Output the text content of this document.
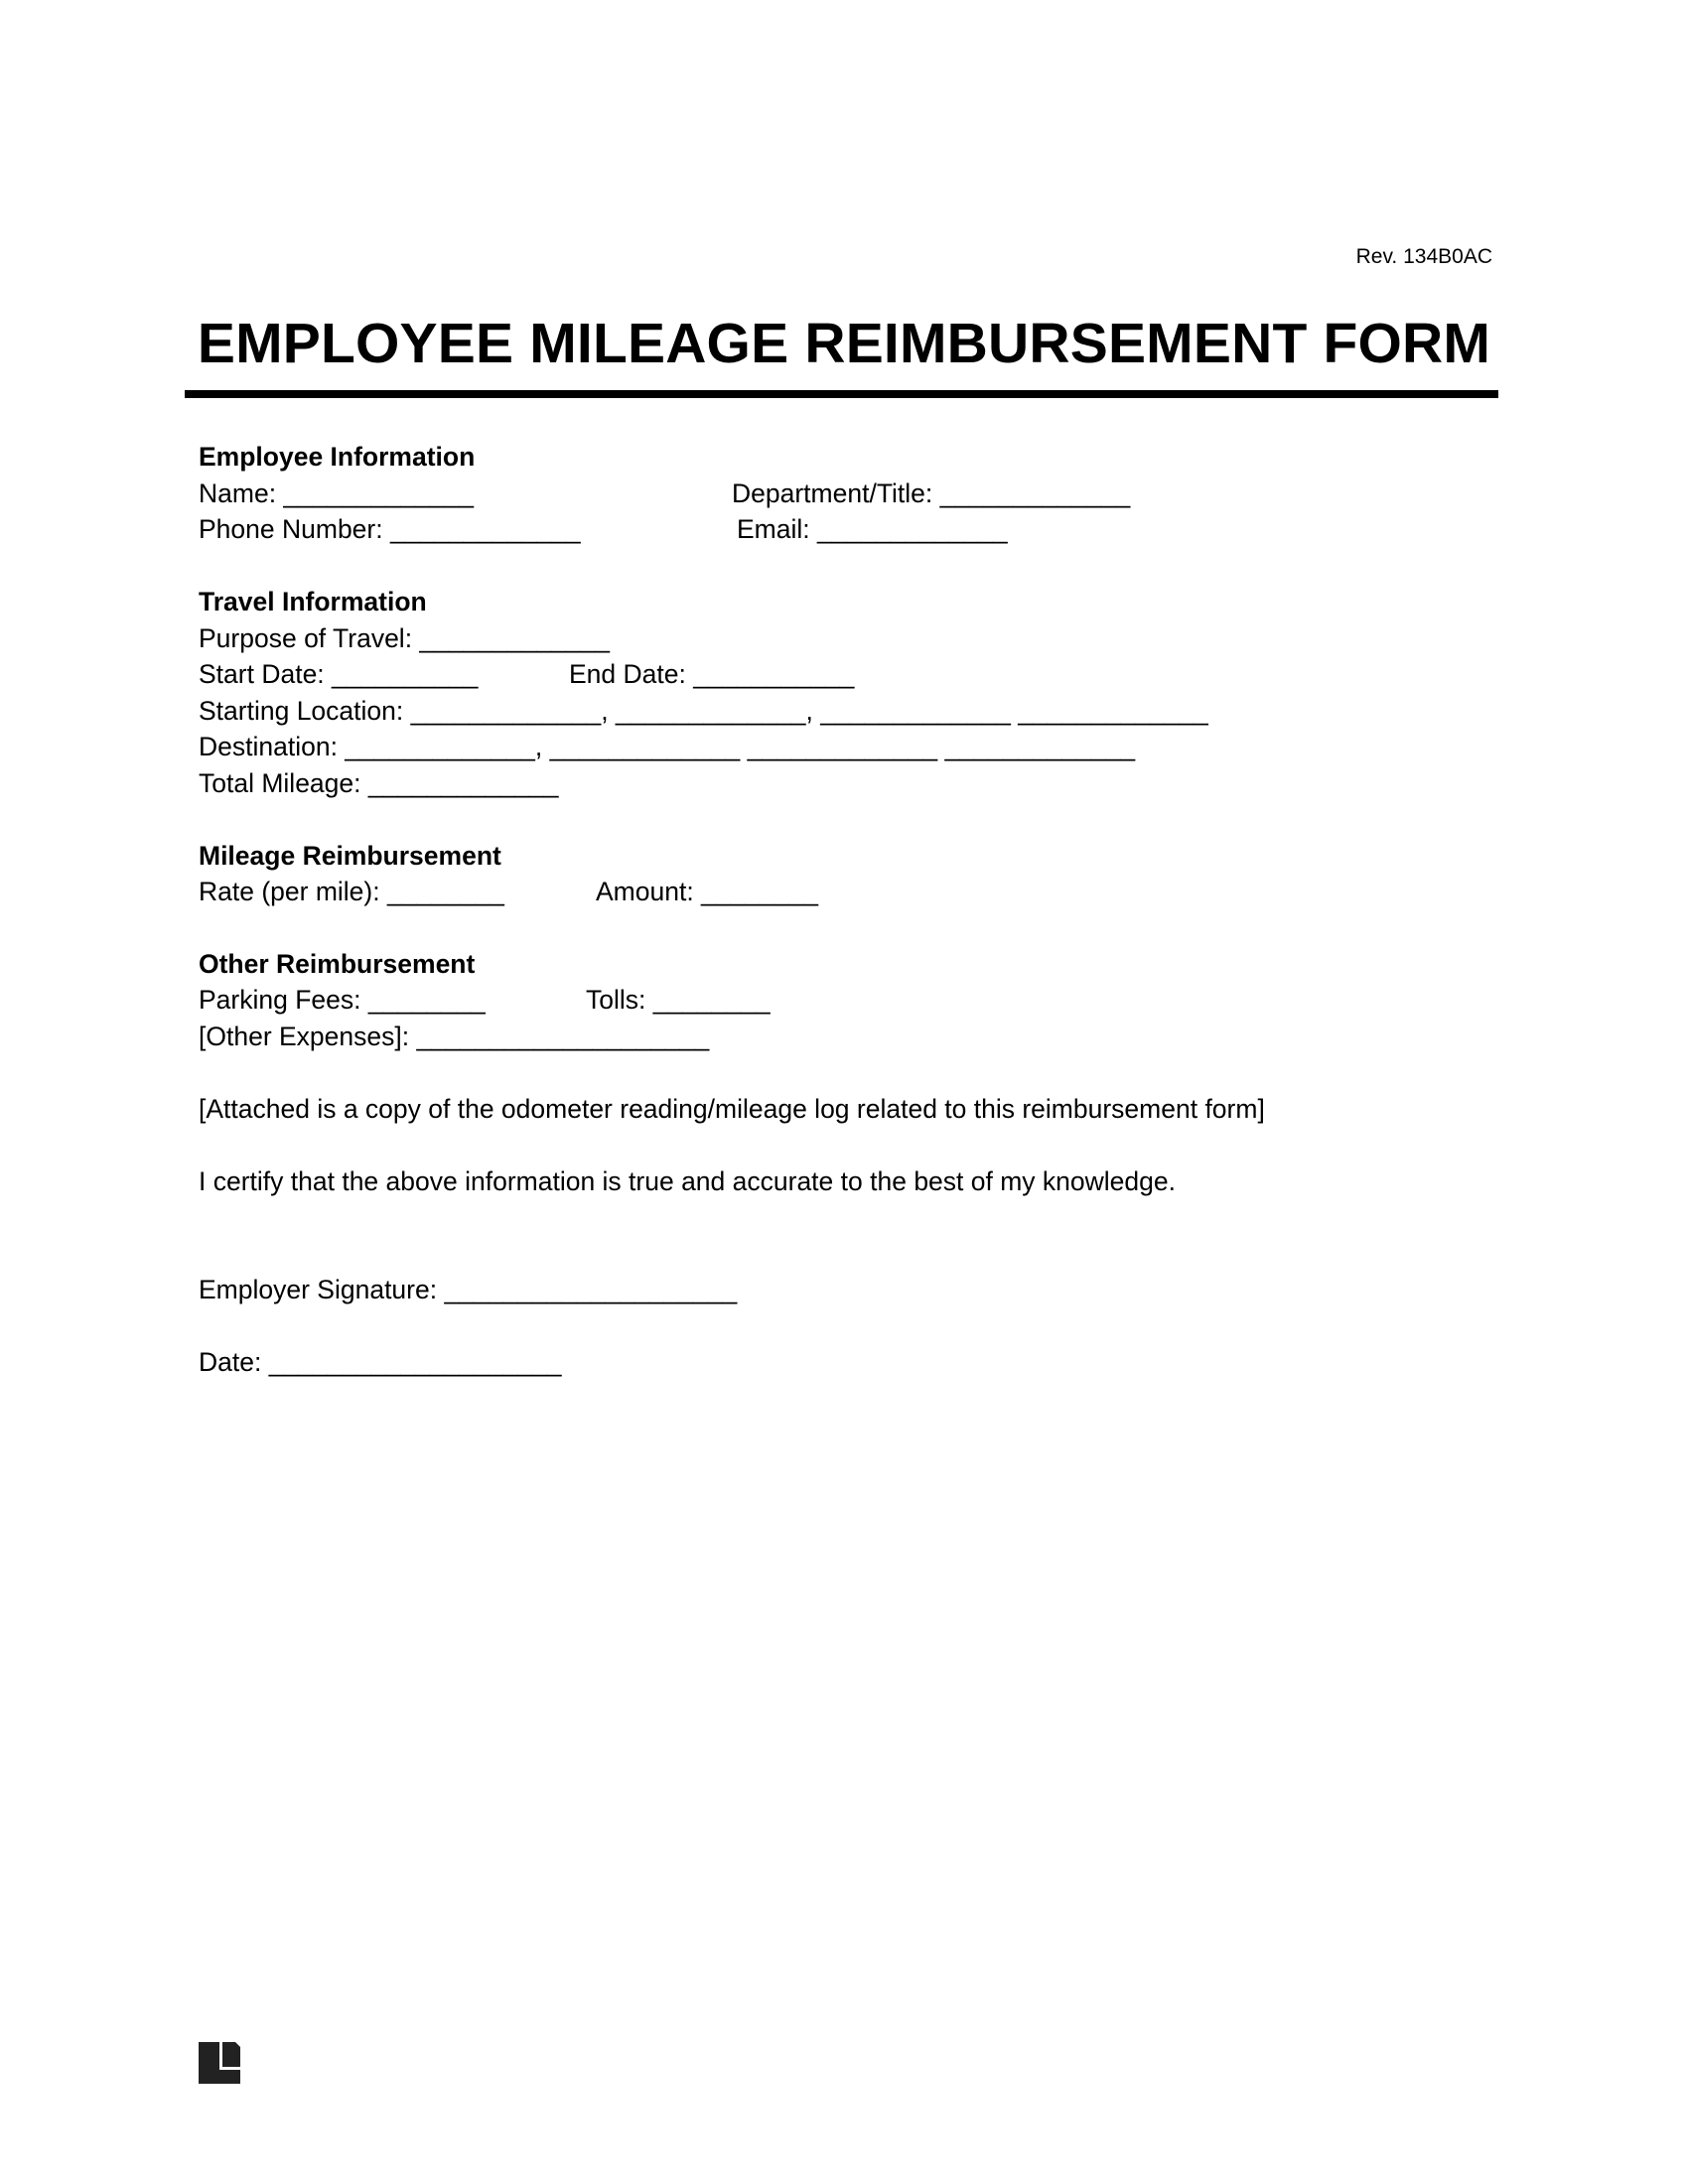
Rev. 134B0AC
EMPLOYEE MILEAGE REIMBURSEMENT FORM
Employee Information
Name: _____________	Department/Title: _____________
Phone Number: _____________	Email: _____________
Travel Information
Purpose of Travel: _____________
Start Date: __________	End Date: ___________
Starting Location: _____________, _____________, _____________ _____________
Destination: _____________, _____________ _____________ _____________
Total Mileage: _____________
Mileage Reimbursement
Rate (per mile): ________	Amount: ________
Other Reimbursement
Parking Fees: ________	Tolls: ________
[Other Expenses]: ____________________
[Attached is a copy of the odometer reading/mileage log related to this reimbursement form]
I certify that the above information is true and accurate to the best of my knowledge.
Employer Signature: ____________________
Date: ____________________
